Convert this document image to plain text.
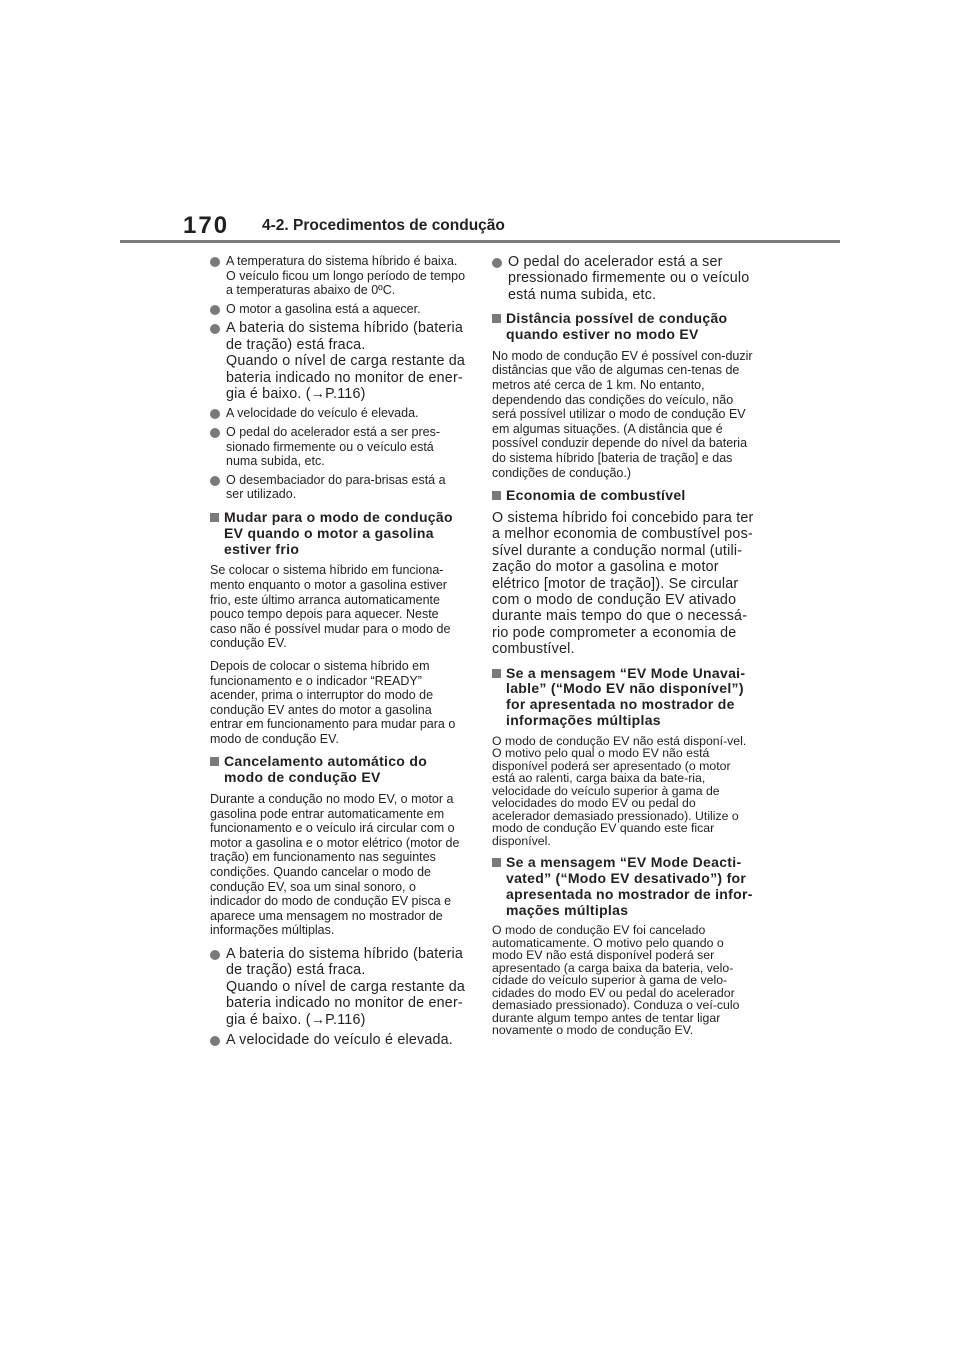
170 4-2. Procedimentos de condução
A temperatura do sistema híbrido é baixa.
O veículo ficou um longo período de tempo a temperaturas abaixo de 0ºC.
O motor a gasolina está a aquecer.
A bateria do sistema híbrido (bateria de tração) está fraca.
Quando o nível de carga restante da bateria indicado no monitor de ener-gia é baixo. (→P.116)
A velocidade do veículo é elevada.
O pedal do acelerador está a ser pres-sionado firmemente ou o veículo está numa subida, etc.
O desembaciador do para-brisas está a ser utilizado.
Mudar para o modo de condução EV quando o motor a gasolina estiver frio
Se colocar o sistema híbrido em funciona-mento enquanto o motor a gasolina estiver frio, este último arranca automaticamente pouco tempo depois para aquecer. Neste caso não é possível mudar para o modo de condução EV.
Depois de colocar o sistema híbrido em funcionamento e o indicador “READY” acender, prima o interruptor do modo de condução EV antes do motor a gasolina entrar em funcionamento para mudar para o modo de condução EV.
Cancelamento automático do modo de condução EV
Durante a condução no modo EV, o motor a gasolina pode entrar automaticamente em funcionamento e o veículo irá circular com o motor a gasolina e o motor elétrico (motor de tração) em funcionamento nas seguintes condições. Quando cancelar o modo de condução EV, soa um sinal sonoro, o indicador do modo de condução EV pisca e aparece uma mensagem no mostrador de informações múltiplas.
A bateria do sistema híbrido (bateria de tração) está fraca.
Quando o nível de carga restante da bateria indicado no monitor de ener-gia é baixo. (→P.116)
A velocidade do veículo é elevada.
O pedal do acelerador está a ser pressionado firmemente ou o veículo está numa subida, etc.
Distância possível de condução quando estiver no modo EV
No modo de condução EV é possível con-duzir distâncias que vão de algumas cen-tenas de metros até cerca de 1 km. No entanto, dependendo das condições do veículo, não será possível utilizar o modo de condução EV em algumas situações. (A distância que é possível conduzir depende do nível da bateria do sistema híbrido [bateria de tração] e das condições de condução.)
Economia de combustível
O sistema híbrido foi concebido para ter a melhor economia de combustível pos-sível durante a condução normal (utili-zação do motor a gasolina e motor elétrico [motor de tração]). Se circular com o modo de condução EV ativado durante mais tempo do que o necessá-rio pode comprometer a economia de combustível.
Se a mensagem “EV Mode Unavai-lable” (“Modo EV não disponível”) for apresentada no mostrador de informações múltiplas
O modo de condução EV não está disponí-vel. O motivo pelo qual o modo EV não está disponível poderá ser apresentado (o motor está ao ralenti, carga baixa da bate-ria, velocidade do veículo superior à gama de velocidades do modo EV ou pedal do acelerador demasiado pressionado). Utilize o modo de condução EV quando este ficar disponível.
Se a mensagem “EV Mode Deacti-vated” (“Modo EV desativado”) for apresentada no mostrador de infor-mações múltiplas
O modo de condução EV foi cancelado automaticamente. O motivo pelo quando o modo EV não está disponível poderá ser apresentado (a carga baixa da bateria, velo-cidade do veículo superior à gama de velo-cidades do modo EV ou pedal do acelerador demasiado pressionado). Conduza o veí-culo durante algum tempo antes de tentar ligar novamente o modo de condução EV.
